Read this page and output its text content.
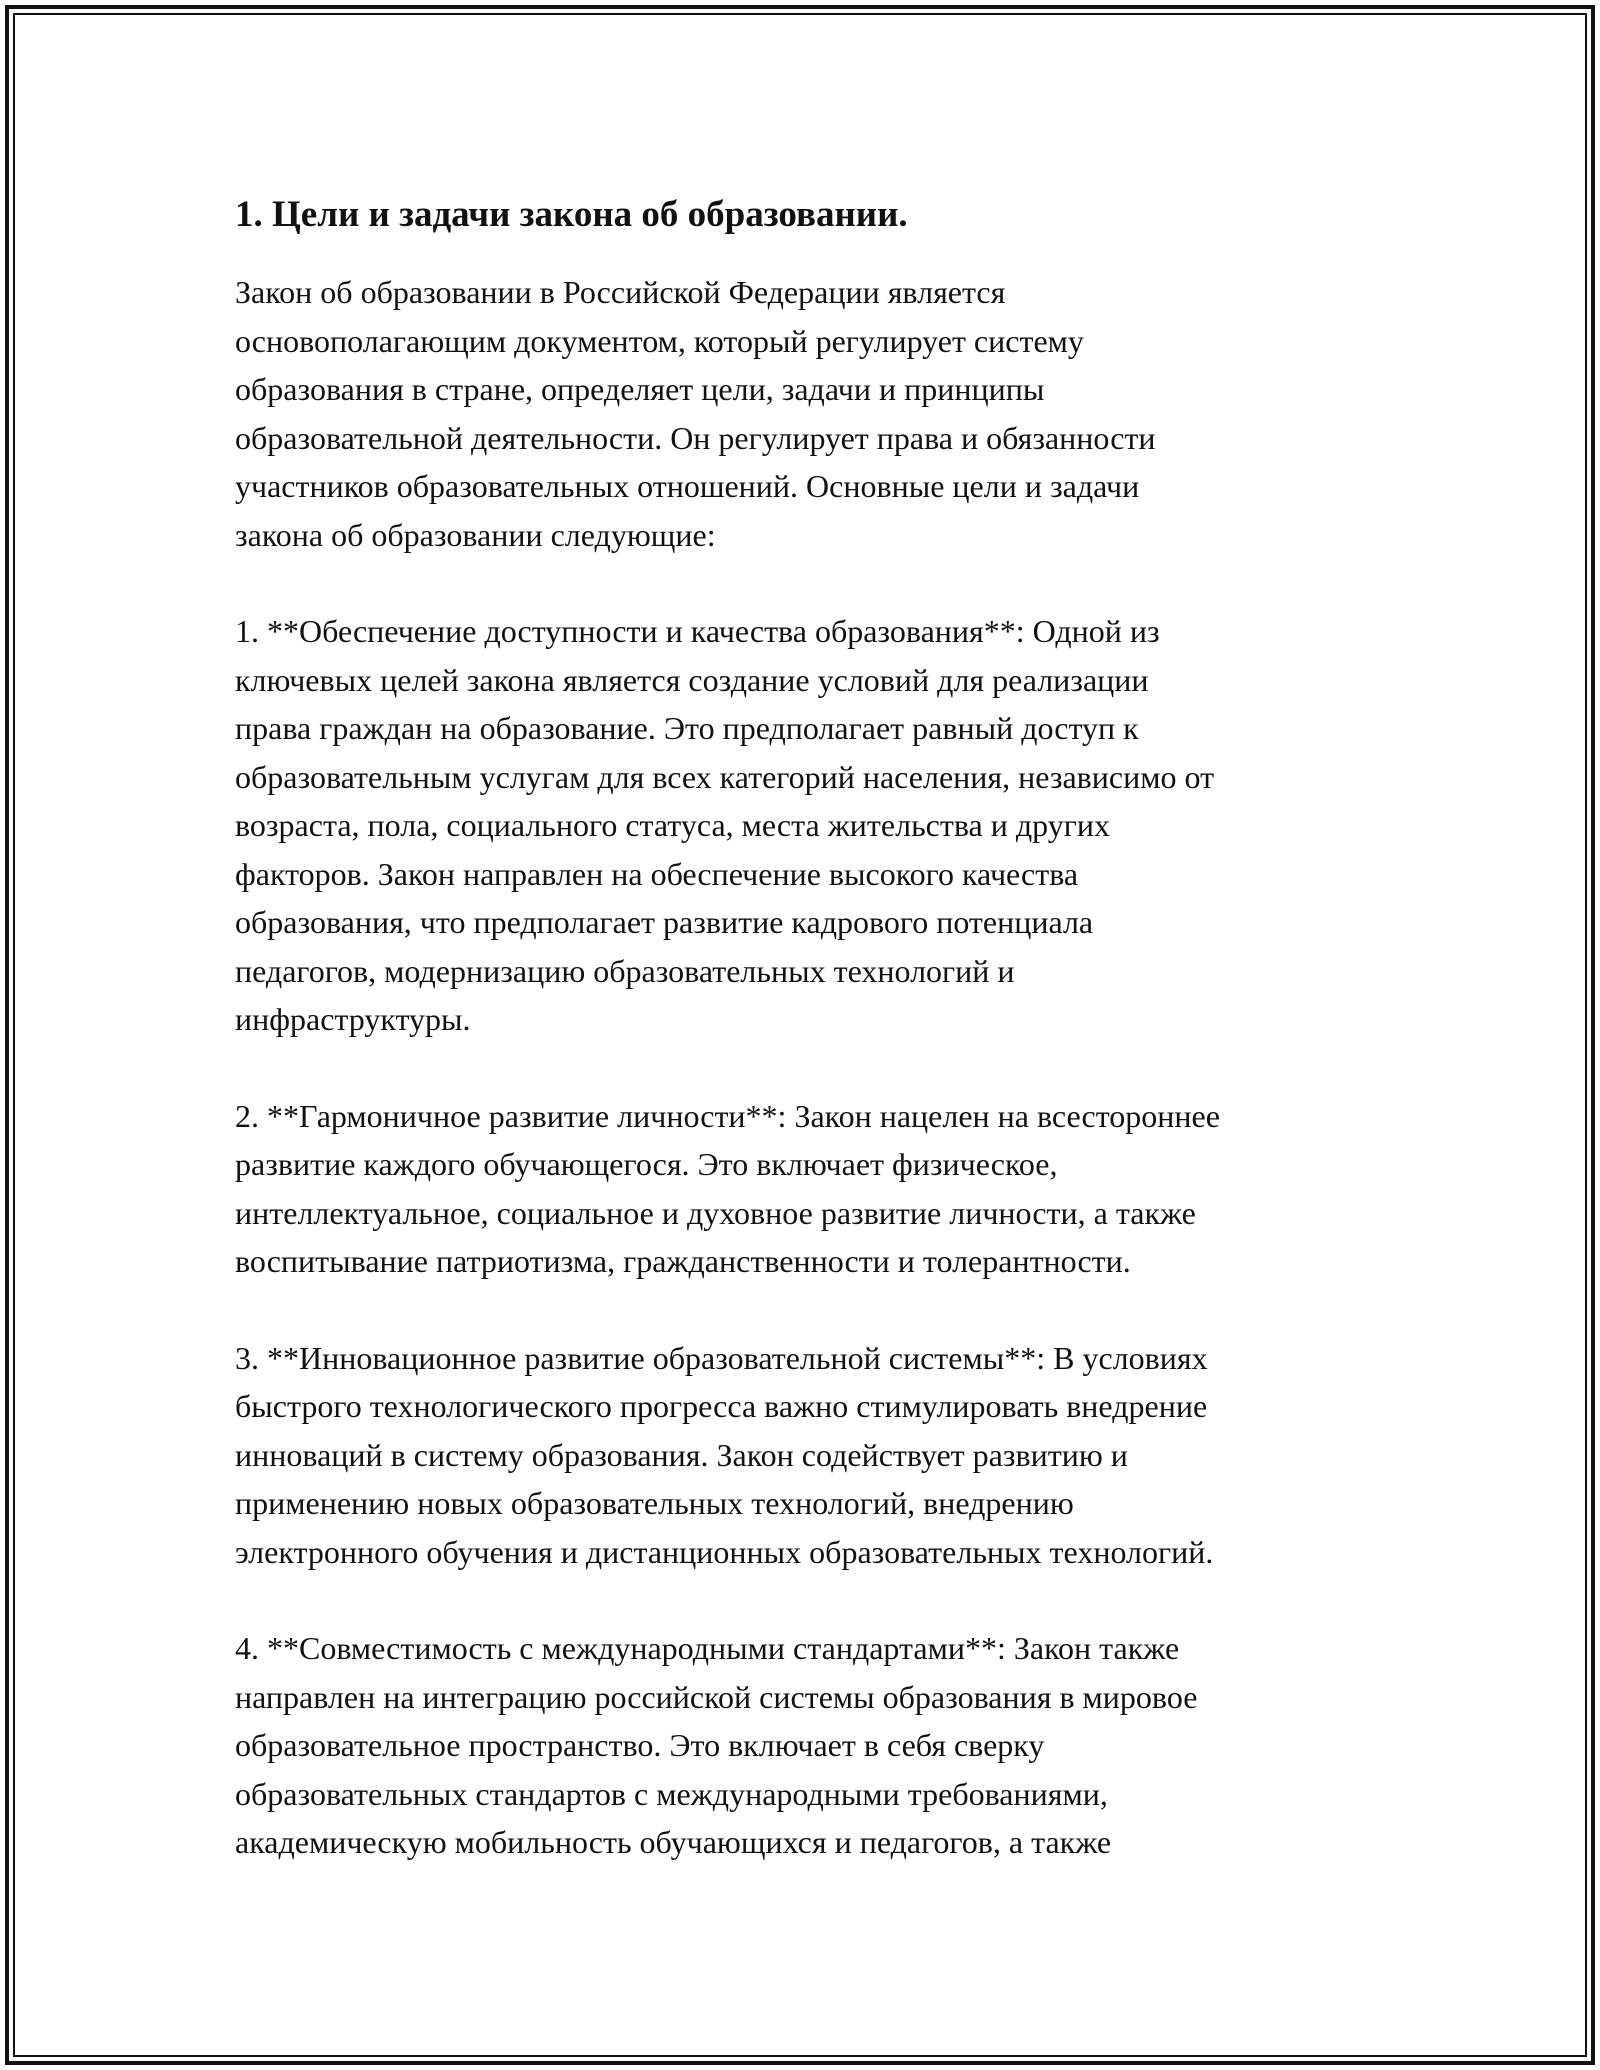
1. Цели и задачи закона об образовании.

Закон об образовании в Российской Федерации является
основополагающим документом, который регулирует систему
образования в стране, определяет цели, задачи и принципы
образовательной деятельности. Он регулирует права и обязанности
участников образовательных отношений. Основные цели и задачи
закона об образовании следующие:

1. **Обеспечение доступности и качества образования**: Одной из
ключевых целей закона является создание условий для реализации
права граждан на образование. Это предполагает равный доступ к
образовательным услугам для всех категорий населения, независимо от
возраста, пола, социального статуса, места жительства и других
факторов. Закон направлен на обеспечение высокого качества
образования, что предполагает развитие кадрового потенциала
педагогов, модернизацию образовательных технологий и
инфраструктуры.

2. **Гармоничное развитие личности**: Закон нацелен на всестороннее
развитие каждого обучающегося. Это включает физическое,
интеллектуальное, социальное и духовное развитие личности, а также
воспитывание патриотизма, гражданственности и толерантности.

3. **Инновационное развитие образовательной системы**: В условиях
быстрого технологического прогресса важно стимулировать внедрение
инноваций в систему образования. Закон содействует развитию и
применению новых образовательных технологий, внедрению
электронного обучения и дистанционных образовательных технологий.

4. **Совместимость с международными стандартами**: Закон также
направлен на интеграцию российской системы образования в мировое
образовательное пространство. Это включает в себя сверку
образовательных стандартов с международными требованиями,
академическую мобильность обучающихся и педагогов, а также
